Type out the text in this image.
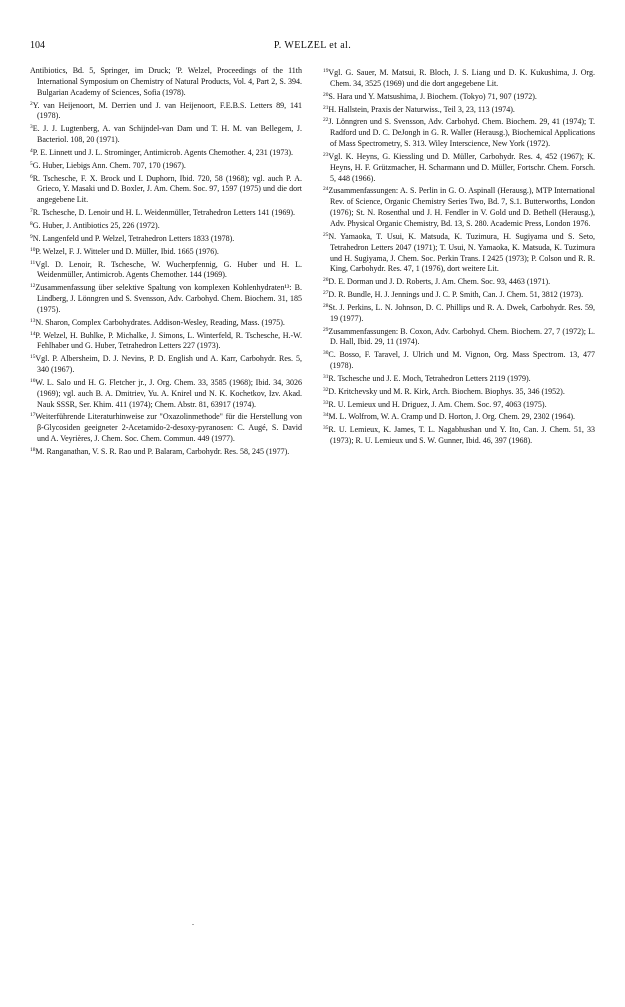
104	P. WELZEL et al.
Antibiotics, Bd. 5, Springer, im Druck; 'P. Welzel, Proceedings of the 11th International Symposium on Chemistry of Natural Products, Vol. 4, Part 2, S. 394. Bulgarian Academy of Sciences, Sofia (1978).
$^2$Y. van Heijenoort, M. Derrien und J. van Heijenoort, F.E.B.S. Letters 89, 141 (1978).
$^3$E. J. J. Lugtenberg, A. van Schijndel-van Dam und T. H. M. van Bellegem, J. Bacteriol. 108, 20 (1971).
$^4$P. E. Linnett und J. L. Strominger, Antimicrob. Agents Chemother. 4, 231 (1973).
$^5$G. Huber, Liebigs Ann. Chem. 707, 170 (1967).
$^6$R. Tschesche, F. X. Brock und I. Duphorn, Ibid. 720, 58 (1968); vgl. auch P. A. Grieco, Y. Masaki und D. Boxler, J. Am. Chem. Soc. 97, 1597 (1975) und die dort angegebene Lit.
$^7$R. Tschesche, D. Lenoir und H. L. Weidenmüller, Tetrahedron Letters 141 (1969).
$^8$G. Huber, J. Antibiotics 25, 226 (1972).
$^9$N. Langenfeld und P. Welzel, Tetrahedron Letters 1833 (1978).
$^{10}$P. Welzel, F. J. Witteler und D. Müller, Ibid. 1665 (1976).
$^{11}$Vgl. D. Lenoir, R. Tschesche, W. Wucherpfennig, G. Huber und H. L. Weidenmüller, Antimicrob. Agents Chemother. 144 (1969).
$^{12}$Zusammenfassung über selektive Spaltung von komplexen Kohlenhydraten¹³: B. Lindberg, J. Lönngren und S. Svensson, Adv. Carbohyd. Chem. Biochem. 31, 185 (1975).
$^{13}$N. Sharon, Complex Carbohydrates. Addison-Wesley, Reading, Mass. (1975).
$^{14}$P. Welzel, H. Buhlke, P. Michalke, J. Simons, L. Winterfeld, R. Tschesche, H.-W. Fehlhaber und G. Huber, Tetrahedron Letters 227 (1973).
$^{15}$Vgl. P. Albersheim, D. J. Nevins, P. D. English und A. Karr, Carbohydr. Res. 5, 340 (1967).
$^{16}$W. L. Salo und H. G. Fletcher jr., J. Org. Chem. 33, 3585 (1968); Ibid. 34, 3026 (1969); vgl. auch B. A. Dmitriev, Yu. A. Knirel und N. K. Kochetkov, Izv. Akad. Nauk SSSR, Ser. Khim. 411 (1974); Chem. Abstr. 81, 63917 (1974).
$^{17}$Weiterführende Literaturhinweise zur "Oxazolinmethode" für die Herstellung von β-Glycosiden geeigneter 2-Acetamido-2-desoxy-pyranosen: C. Augé, S. David und A. Veyrières, J. Chem. Soc. Chem. Commun. 449 (1977).
$^{18}$M. Ranganathan, V. S. R. Rao und P. Balaram, Carbohydr. Res. 58, 245 (1977).
$^{19}$Vgl. G. Sauer, M. Matsui, R. Bloch, J. S. Liang und D. K. Kukushima, J. Org. Chem. 34, 3525 (1969) und die dort angegebene Lit.
$^{20}$S. Hara und Y. Matsushima, J. Biochem. (Tokyo) 71, 907 (1972).
$^{21}$H. Hallstein, Praxis der Naturwiss., Teil 3, 23, 113 (1974).
$^{22}$J. Lönngren und S. Svensson, Adv. Carbohyd. Chem. Biochem. 29, 41 (1974); T. Radford und D. C. DeJongh in G. R. Waller (Herausg.), Biochemical Applications of Mass Spectrometry, S. 313. Wiley Interscience, New York (1972).
$^{23}$Vgl. K. Heyns, G. Kiessling und D. Müller, Carbohydr. Res. 4, 452 (1967); K. Heyns, H. F. Grützmacher, H. Scharmann und D. Müller, Fortschr. Chem. Forsch. 5, 448 (1966).
$^{24}$Zusammenfassungen: A. S. Perlin in G. O. Aspinall (Herausg.), MTP International Rev. of Science, Organic Chemistry Series Two, Bd. 7, S.1. Butterworths, London (1976); St. N. Rosenthal und J. H. Fendler in V. Gold und D. Bethell (Herausg.), Adv. Physical Organic Chemistry, Bd. 13, S. 280. Academic Press, London 1976.
$^{25}$N. Yamaoka, T. Usui, K. Matsuda, K. Tuzimura, H. Sugiyama und S. Seto, Tetrahedron Letters 2047 (1971); T. Usui, N. Yamaoka, K. Matsuda, K. Tuzimura und H. Sugiyama, J. Chem. Soc. Perkin Trans. I 2425 (1973); P. Colson und R. R. King, Carbohydr. Res. 47, 1 (1976), dort weitere Lit.
$^{26}$D. E. Dorman und J. D. Roberts, J. Am. Chem. Soc. 93, 4463 (1971).
$^{27}$D. R. Bundle, H. J. Jennings und J. C. P. Smith, Can. J. Chem. 51, 3812 (1973).
$^{28}$St. J. Perkins, L. N. Johnson, D. C. Phillips und R. A. Dwek, Carbohydr. Res. 59, 19 (1977).
$^{29}$Zusammenfassungen: B. Coxon, Adv. Carbohyd. Chem. Biochem. 27, 7 (1972); L. D. Hall, Ibid. 29, 11 (1974).
$^{30}$C. Bosso, F. Taravel, J. Ulrich und M. Vignon, Org. Mass Spectrom. 13, 477 (1978).
$^{31}$R. Tschesche und J. E. Moch, Tetrahedron Letters 2119 (1979).
$^{32}$D. Kritchevsky und M. R. Kirk, Arch. Biochem. Biophys. 35, 346 (1952).
$^{33}$R. U. Lemieux und H. Driguez, J. Am. Chem. Soc. 97, 4063 (1975).
$^{34}$M. L. Wolfrom, W. A. Cramp und D. Horton, J. Org. Chem. 29, 2302 (1964).
$^{35}$R. U. Lemieux, K. James, T. L. Nagabhushan und Y. Ito, Can. J. Chem. 51, 33 (1973); R. U. Lemieux und S. W. Gunner, Ibid. 46, 397 (1968).
.
